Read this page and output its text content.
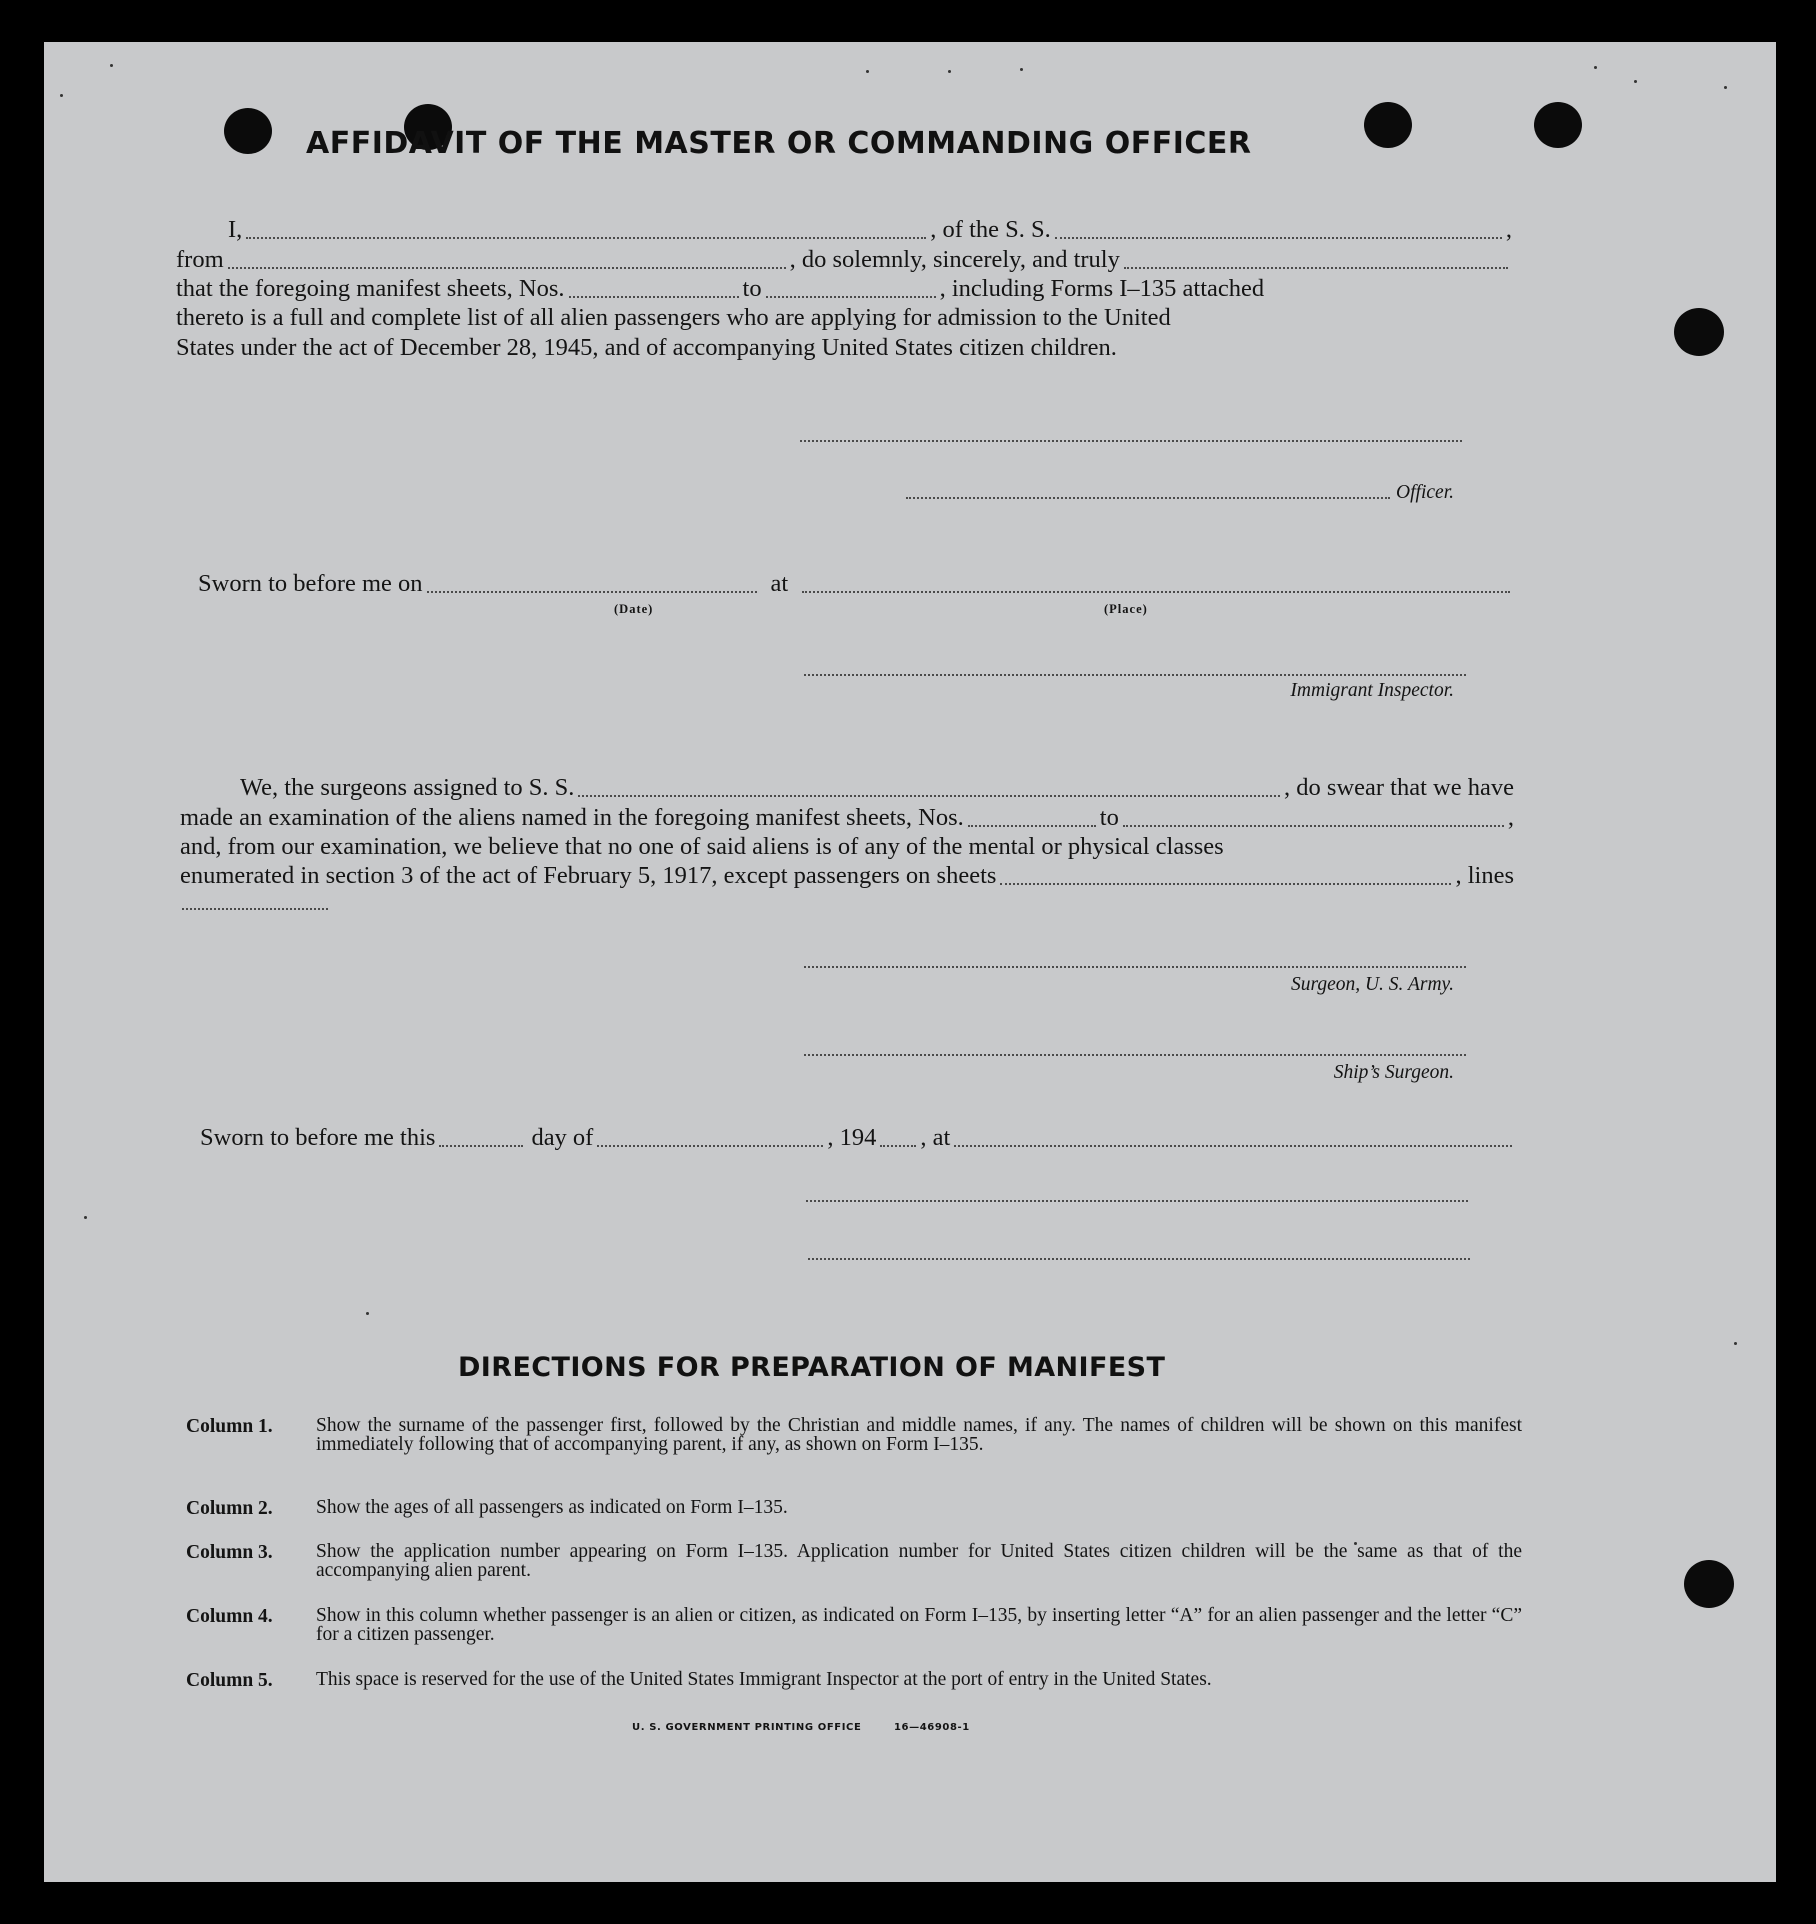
AFFIDAVIT OF THE MASTER OR COMMANDING OFFICER
I,	, of the S. S.	,
from	, do solemnly, sincerely, and truly
that the foregoing manifest sheets, Nos.	to	, including Forms I–135 attached
thereto is a full and complete list of all alien passengers who are applying for admission to the United
States under the act of December 28, 1945, and of accompanying United States citizen children.
Officer.
Sworn to before me on	at
(Date)	(Place)
Immigrant Inspector.
We, the surgeons assigned to S. S.	, do swear that we have
made an examination of the aliens named in the foregoing manifest sheets, Nos.	to	,
and, from our examination, we believe that no one of said aliens is of any of the mental or physical classes
enumerated in section 3 of the act of February 5, 1917, except passengers on sheets	, lines
Surgeon, U. S. Army.
Ship’s Surgeon.
Sworn to before me this	day of	, 194 , at
DIRECTIONS FOR PREPARATION OF MANIFEST
Column 1. Show the surname of the passenger first, followed by the Christian and middle names, if any. The names of children will be shown on this manifest immediately following that of accompanying parent, if any, as shown on Form I–135.
Column 2. Show the ages of all passengers as indicated on Form I–135.
Column 3. Show the application number appearing on Form I–135. Application number for United States citizen children will be the same as that of the accompanying alien parent.
Column 4. Show in this column whether passenger is an alien or citizen, as indicated on Form I–135, by inserting letter “A” for an alien passenger and the letter “C” for a citizen passenger.
Column 5. This space is reserved for the use of the United States Immigrant Inspector at the port of entry in the United States.
U. S. GOVERNMENT PRINTING OFFICE	16—46908-1
